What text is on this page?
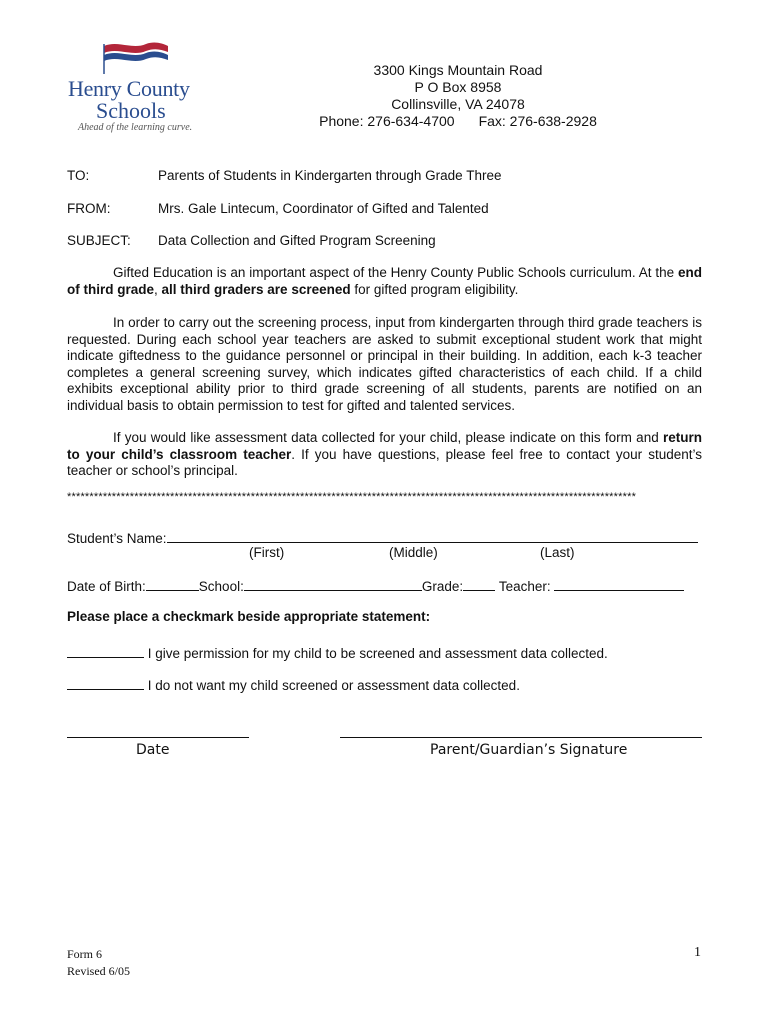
Henry County
Schools
Ahead of the learning curve.
3300 Kings Mountain Road
P O Box 8958
Collinsville, VA 24078
Phone: 276-634-4700 Fax: 276-638-2928
TO:	Parents of Students in Kindergarten through Grade Three
FROM:	Mrs. Gale Lintecum, Coordinator of Gifted and Talented
SUBJECT: Data Collection and Gifted Program Screening
Gifted Education is an important aspect of the Henry County Public Schools curriculum. At the end of third grade, all third graders are screened for gifted program eligibility.
In order to carry out the screening process, input from kindergarten through third grade teachers is requested. During each school year teachers are asked to submit exceptional student work that might indicate giftedness to the guidance personnel or principal in their building. In addition, each k-3 teacher completes a general screening survey, which indicates gifted characteristics of each child. If a child exhibits exceptional ability prior to third grade screening of all students, parents are notified on an individual basis to obtain permission to test for gifted and talented services.
If you would like assessment data collected for your child, please indicate on this form and return to your child’s classroom teacher. If you have questions, please feel free to contact your student’s teacher or school’s principal.
*******************************************************************************************************************************
Student’s Name:
(First)	(Middle)	(Last)
Date of Birth:	School:	Grade:	Teacher:
Please place a checkmark beside appropriate statement:
I give permission for my child to be screened and assessment data collected.
I do not want my child screened or assessment data collected.
Date	Parent/Guardian’s Signature
Form 6
Revised 6/05
1
